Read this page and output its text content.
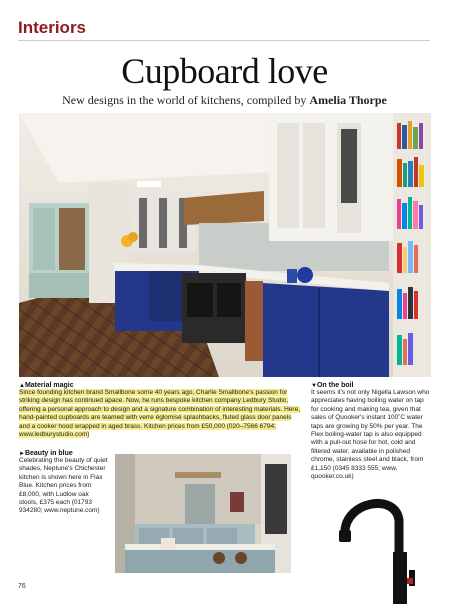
Interiors
Cupboard love
New designs in the world of kitchens, compiled by Amelia Thorpe
▲Material magic
Since founding kitchen brand Smallbone some 40 years ago, Charlie Smallbone's passion for striking design has continued apace. Now, he runs bespoke kitchen company Ledbury Studio, offering a personal approach to design and a signature combination of interesting materials. Here, hand-painted cupboards are teamed with verre églomisé splashbacks, fluted glass door panels and a cooker hood wrapped in aged brass. Kitchen prices from £50,000 (020–7566 6794; www.ledburystudio.com)
▼On the boil
It seems it's not only Nigella Lawson who appreciates having boiling water on tap for cooking and making tea, given that sales of Quooker's instant 100˚C water taps are growing by 50% per year. The Flex boiling-water tap is also equipped with a pull-out hose for hot, cold and filtered water, available in polished chrome, stainless steel and black, from £1,150 (0345 8333 555; www. quooker.co.uk)
►Beauty in blue
Celebrating the beauty of quiet shades, Neptune's Chichester kitchen is shown here in Flax Blue. Kitchen prices from £8,000, with Ludlow oak stools, £375 each (01793 934280; www.neptune.com)
76
